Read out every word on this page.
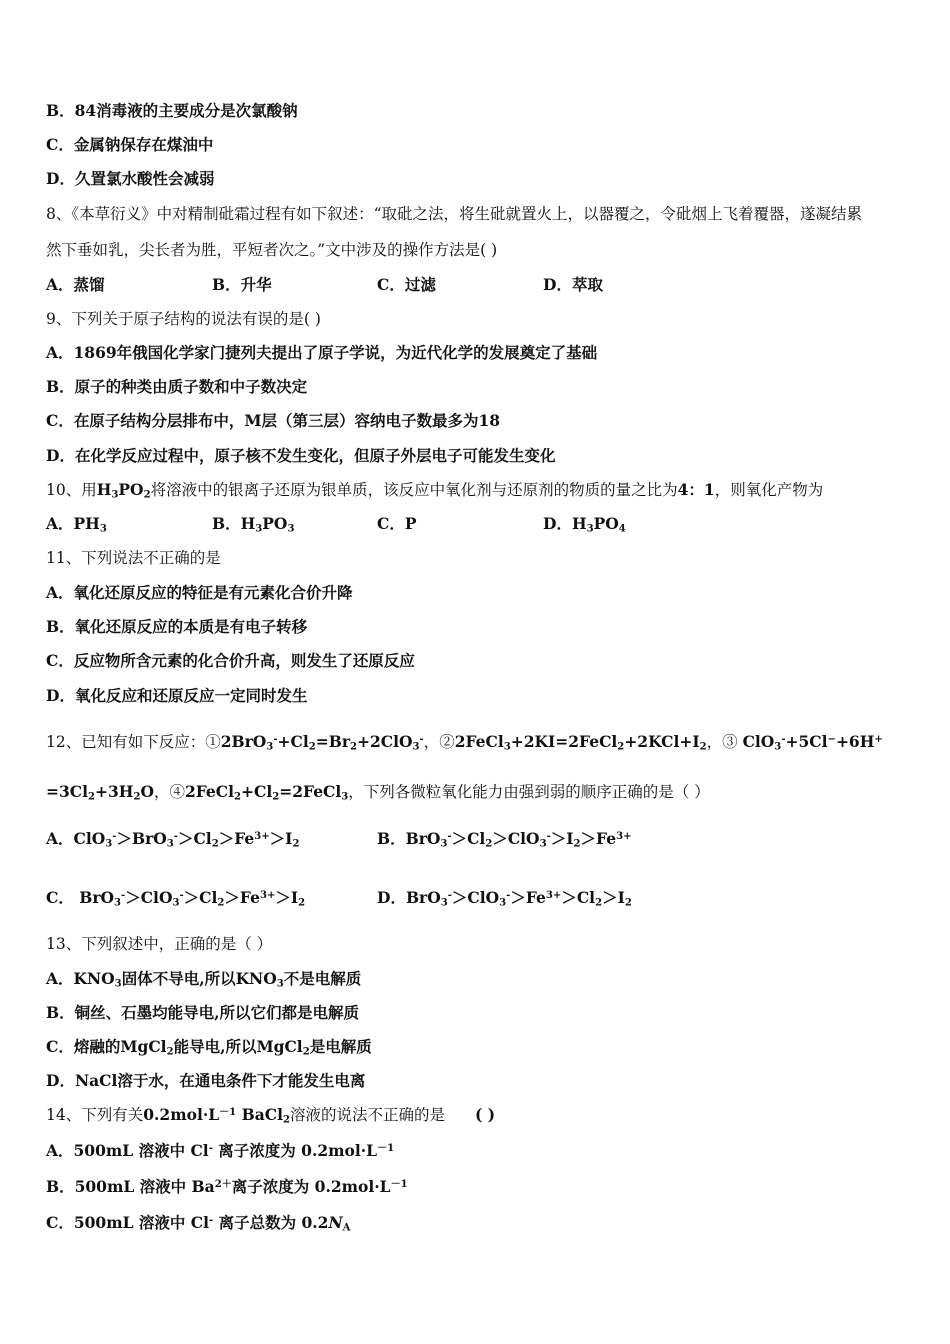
B．84消毒液的主要成分是次氯酸钠
C．金属钠保存在煤油中
D．久置氯水酸性会减弱
8、《本草衍义》中对精制砒霜过程有如下叙述：“取砒之法，将生砒就置火上，以器覆之，令砒烟上飞着覆器，遂凝结累
然下垂如乳，尖长者为胜，平短者次之。”文中涉及的操作方法是( )
A．蒸馏	B．升华	C．过滤	D．萃取
9、下列关于原子结构的说法有误的是( )
A．1869年俄国化学家门捷列夫提出了原子学说，为近代化学的发展奠定了基础
B．原子的种类由质子数和中子数决定
C．在原子结构分层排布中，M层（第三层）容纳电子数最多为18
D．在化学反应过程中，原子核不发生变化，但原子外层电子可能发生变化
10、用$H_3PO_2$将溶液中的银离子还原为银单质，该反应中氧化剂与还原剂的物质的量之比为4：1，则氧化产物为
A．$PH_3$	B．$H_3PO_3$	C．P	D．$H_3PO_4$
11、下列说法不正确的是
A．氧化还原反应的特征是有元素化合价升降
B．氧化还原反应的本质是有电子转移
C．反应物所含元素的化合价升高，则发生了还原反应
D．氧化反应和还原反应一定同时发生
12、已知有如下反应：$①2BrO_3^-+Cl_2=Br_2+2ClO_3^-$，$②2FeCl_3+2KI=2FeCl_2+2KCl+I_2$，③ ClO$_3$-+5Cl−+6H+
$=3Cl_2+3H_2O$，$④2FeCl_2+Cl_2=2FeCl_3$，下列各微粒氧化能力由强到弱的顺序正确的是（ ）
A．$ClO_3^->BrO_3^->Cl_2>Fe^{3+}>I_2$	B．$BrO_3^->Cl_2>ClO_3^->I_2>Fe^{3+}$
C． $BrO_3^->ClO_3^->Cl_2>Fe^{3+}>I_2$	D．$BrO_3^->ClO_3^->Fe^{3+}>Cl_2>I_2$
13、下列叙述中，正确的是（ ）
A．$KNO_3$固体不导电,所以$KNO_3$不是电解质
B．铜丝、石墨均能导电,所以它们都是电解质
C．熔融的MgCl$_2$能导电,所以MgCl$_2$是电解质
D．NaCl溶于水，在通电条件下才能发生电离
14、下列有关$0.2mol\cdot L^{-1}$ BaCl$_2$溶液的说法不正确的是 ( )
A．500mL 溶液中 Cl- 离子浓度为 $0.2mol\cdot L^{-1}$
B．500mL 溶液中 $Ba^{2+}$离子浓度为 $0.2mol\cdot L^{-1}$
C．500mL 溶液中 Cl- 离子总数为 $0.2N_A$
